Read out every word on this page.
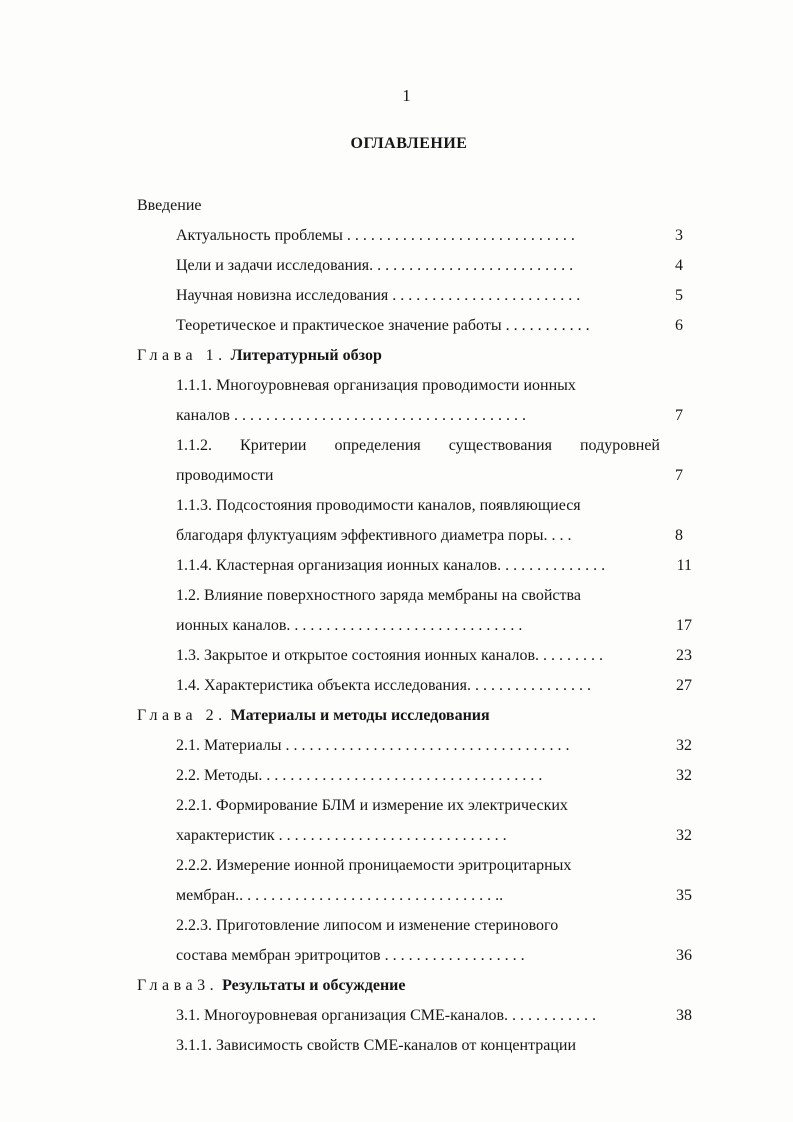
1
ОГЛАВЛЕНИЕ
Введение
Актуальность проблемы . . . . . . . . . . . . . . . . . . . . . . . . . . . . .	3
Цели и задачи исследования. . . . . . . . . . . . . . . . . . . . . . . . . .	4
Научная новизна исследования . . . . . . . . . . . . . . . . . . . . . . . .	5
Теоретическое и практическое значение работы . . . . . . . . . . .	6
Глава 1. Литературный обзор
1.1.1. Многоуровневая организация проводимости ионных
каналов . . . . . . . . . . . . . . . . . . . . . . . . . . . . . . . . . . . . .	7
1.1.2. Критерии определения существования подуровней
проводимости	7
1.1.3. Подсостояния проводимости каналов, появляющиеся
благодаря флуктуациям эффективного диаметра поры. . . .	8
1.1.4. Кластерная организация ионных каналов. . . . . . . . . . . . . .	11
1.2. Влияние поверхностного заряда мембраны на свойства
ионных каналов. . . . . . . . . . . . . . . . . . . . . . . . . . . . . .	17
1.3. Закрытое и открытое состояния ионных каналов. . . . . . . . .	23
1.4. Характеристика объекта исследования. . . . . . . . . . . . . . . .	27
Глава 2. Материалы и методы исследования
2.1. Материалы . . . . . . . . . . . . . . . . . . . . . . . . . . . . . . . . . . . .	32
2.2. Методы. . . . . . . . . . . . . . . . . . . . . . . . . . . . . . . . . . . .	32
2.2.1. Формирование БЛМ и измерение их электрических
характеристик . . . . . . . . . . . . . . . . . . . . . . . . . . . . .	32
2.2.2. Измерение ионной проницаемости эритроцитарных
мембран.. . . . . . . . . . . . . . . . . . . . . . . . . . . . . . . . ..	35
2.2.3. Приготовление липосом и изменение стеринового
состава мембран эритроцитов . . . . . . . . . . . . . . . . . .	36
Глава3. Результаты и обсуждение
3.1. Многоуровневая организация СМЕ-каналов. . . . . . . . . . . .	38
3.1.1. Зависимость свойств СМЕ-каналов от концентрации
